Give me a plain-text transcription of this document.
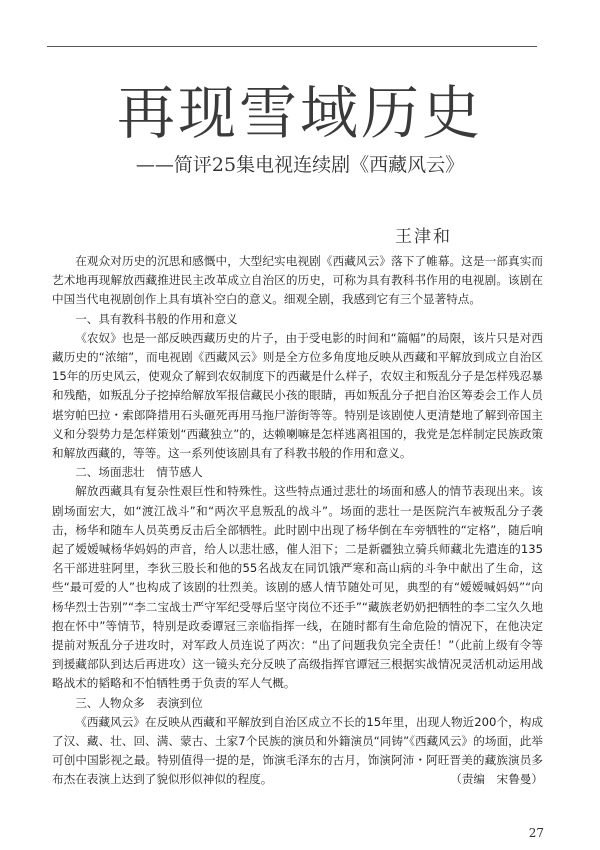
再现雪域历史
——简评25集电视连续剧《西藏风云》
王津和

在观众对历史的沉思和感慨中，大型纪实电视剧《西藏风云》落下了帷幕。这是一部真实而艺术地再现解放西藏推进民主改革成立自治区的历史，可称为具有教科书作用的电视剧。该剧在中国当代电视剧创作上具有填补空白的意义。细观全剧，我感到它有三个显著特点。

一、具有教科书般的作用和意义

《农奴》也是一部反映西藏历史的片子，由于受电影的时间和“篇幅”的局限，该片只是对西藏历史的“浓缩”，而电视剧《西藏风云》则是全方位多角度地反映从西藏和平解放到成立自治区15年的历史风云，使观众了解到农奴制度下的西藏是什么样子，农奴主和叛乱分子是怎样残忍暴和残酷，如叛乱分子挖掉给解放军报信藏民小孩的眼睛，再如叛乱分子把自治区筹委会工作人员堪穷帕巴拉・索郎降措用石头砸死再用马拖尸游街等等。特别是该剧使人更清楚地了解到帝国主义和分裂势力是怎样策划“西藏独立”的，达赖喇嘛是怎样逃离祖国的，我党是怎样制定民族政策和解放西藏的，等等。这一系列使该剧具有了科教书般的作用和意义。

二、场面悲壮　情节感人

解放西藏具有复杂性艰巨性和特殊性。这些特点通过悲壮的场面和感人的情节表现出来。该剧场面宏大，如“渡江战斗”和“两次平息叛乱的战斗”。场面的悲壮一是医院汽车被叛乱分子袭击，杨华和随车人员英勇反击后全部牺牲。此时剧中出现了杨华倒在车旁牺牲的“定格”，随后响起了嫒嫒喊杨华妈妈的声音，给人以悲壮感，催人泪下；二是新疆独立骑兵师藏北先遣连的135名干部进驻阿里，李狄三股长和他的55名战友在同饥饿严寒和高山病的斗争中献出了生命，这些“最可爱的人”也构成了该剧的壮烈美。该剧的感人情节随处可见，典型的有“嫒嫒喊妈妈”“向杨华烈士告别”“李二宝战士严守军纪受辱后坚守岗位不还手”“藏族老奶奶把牺牲的李二宝久久地抱在怀中”等情节，特别是政委谭冠三亲临指挥一线，在随时都有生命危险的情况下，在他决定提前对叛乱分子进攻时，对军政人员连说了两次：“出了问题我负完全责任！”（此前上级有令等到援藏部队到达后再进攻）这一镜头充分反映了高级指挥官谭冠三根据实战情况灵活机动运用战略战术的韬略和不怕牺牲勇于负责的军人气概。

三、人物众多　表演到位

《西藏风云》在反映从西藏和平解放到自治区成立不长的15年里，出现人物近200个，构成了汉、藏、壮、回、满、蒙古、土家7个民族的演员和外籍演员“同铸”《西藏风云》的场面，此举可创中国影视之最。特别值得一提的是，饰演毛泽东的古月，饰演阿沛・阿旺晋美的藏族演员多布杰在表演上达到了貌似形似神似的程度。	（责编　宋鲁曼）

27
